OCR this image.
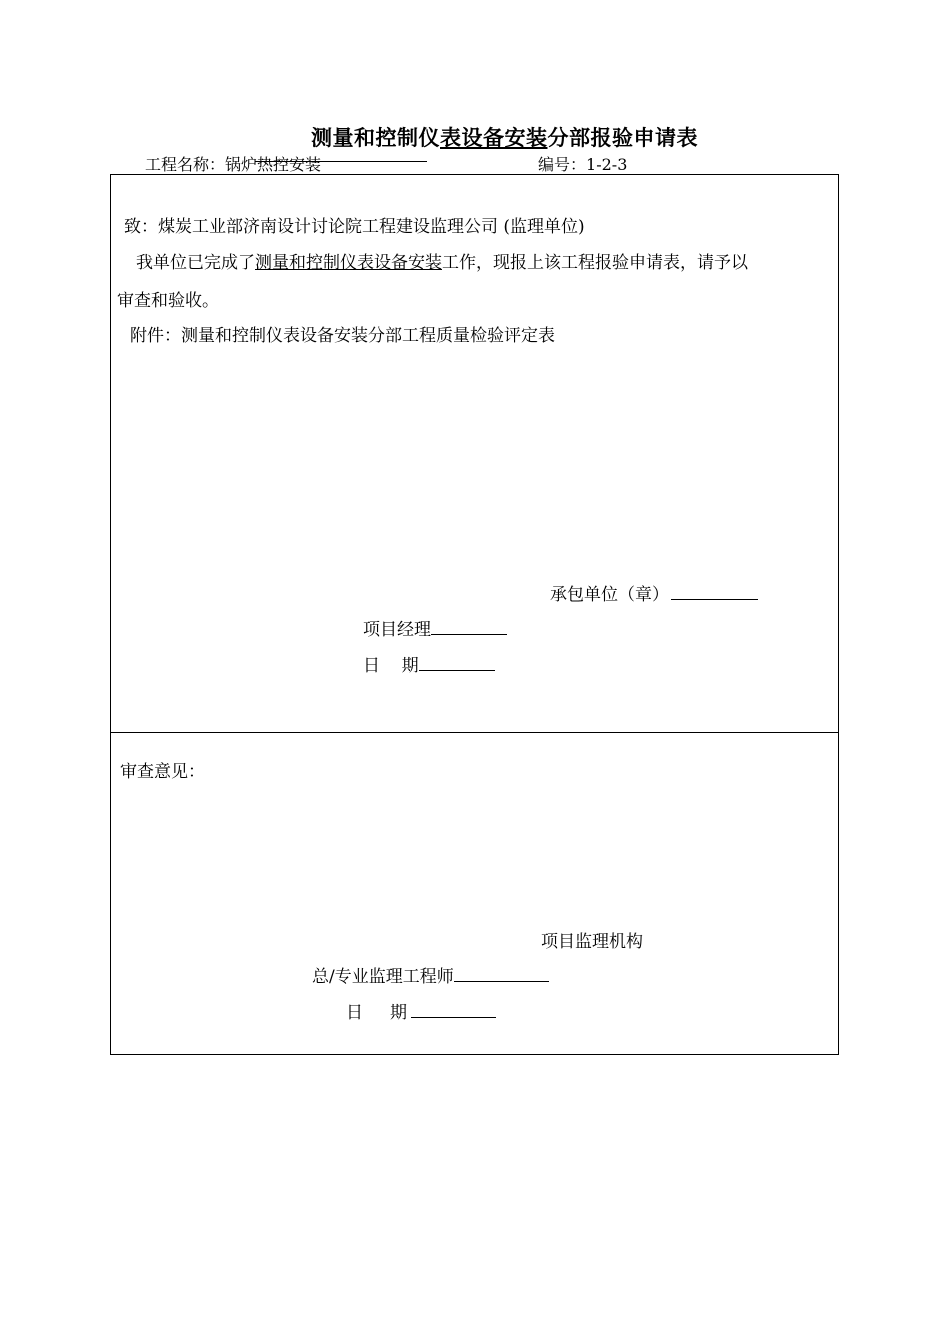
测量和控制仪表设备安装分部报验申请表
工程名称：锅炉热控安装	编号：1-2-3
致：煤炭工业部济南设计讨论院工程建设监理公司 (监理单位)
我单位已完成了测量和控制仪表设备安装工作，现报上该工程报验申请表，请予以
审查和验收。
附件：测量和控制仪表设备安装分部工程质量检验评定表
承包单位（章）
项目经理
日    期
审查意见：
项目监理机构
总/专业监理工程师
日     期
